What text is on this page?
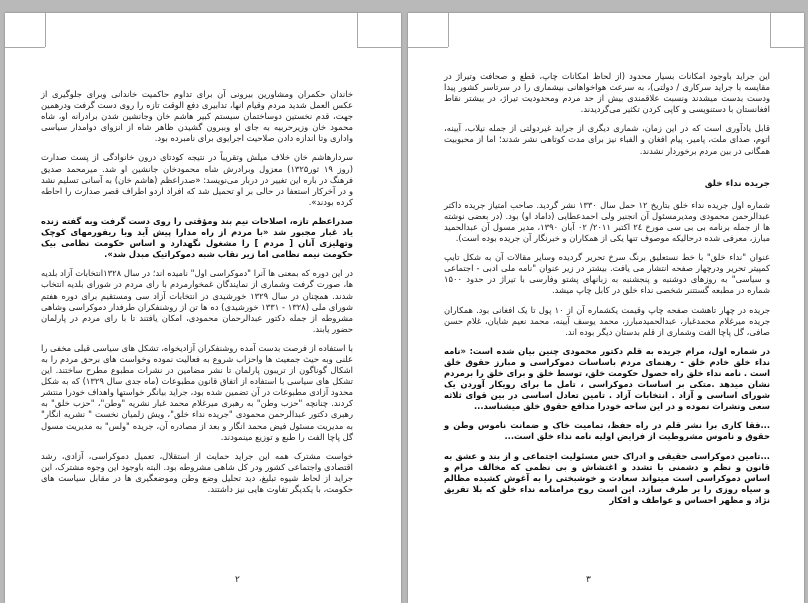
خاندان حکمران ومشاورین بیرونی آن برای تداوم حاکمیت خاندانی وبرای جلوگیری از عکس العمل شدید مردم وقیام انها، تدابیری دفع الوقت تازه را روی دست گرفت ودرهمین جهت، قدم نخستین دوساختمان سیستم کبیر هاشم خان وجانشین شدن برادرانه او، شاه محمود خان وزیرحربیه به جای او وببرون گشیدن ظاهر شاه از انزوای دوامدار سیاسی واداری وتا اندازه دادن صلاحیت اجرایوی برای نامبرده بود.

سردارهاشم خان خلاف میلش وتقریباً در نتیجه کودتای درون خانوادگی از پست صدارت (روز ۱۹ ثور۱۳۲۵) معزول وبرادرش شاه محمودخان جانشین او شد. میرمحمد صدیق فرهنگ در باره این تغییر در دربار می‌نویسد: «صدراعظم (هاشم خان) به آسانی تسلیم نشد و در آخرکار استعفا در حالی بر او تحمیل شد که افراد اردو اطراف قصر صدارت را احاطه کرده بودند».

صدراعظم تازه، اصلاحات نیم بند ومؤقتی را روی دست گرفت وبه گفته زنده یاد غبار مجبور شد «با مردم از راه مدارا پیش آید وبا ریفورمهای کوچک وتهلیزی آنان [ مردم ] را مشغول نگهدارد و اساس حکومت نظامی بیک حکومت نیمه نظامی اما زیر نقاب شبه دموکراتیک مبدل شد».

در این دوره که بمعنی ها آنرا "دموکراسی اول" نامیده اند؛ در سال ۱۳۲۸انتخابات آزاد بلدیه ها، صورت گرفت وشماری از نمایندگان غمخوارمردم با رای مردم در شورای بلدیه انتخاب شدند. همچنان در سال ۱۳۲۹ خورشیدی در انتخابات آزاد سی ومستقیم برای دوره هفتم شورای ملی (۱۳۲۸ - ۱۳۳۱ خورشیدی) ده ها تن از روشنفکران طرفدار دموکراسی وشاهی مشروطه از جمله دکتور عبدالرحمان محمودی، امکان یافتند تا با رای مردم در پارلمان حضور یابند.

با استفاده از فرصت بدست آمده روشنفکران آزادیخواه، تشکل های سیاسی قبلی مخفی را علنی وبه حیث جمعیت ها واحزاب شروع به فعالیت نموده وخواست های برحق مردم را به اشکال گوناگون از تریبون پارلمان تا نشر مضامین در نشرات مطبوع مطرح ساختند. این تشکل های سیاسی با استفاده از اتفاق قانون مطبوعات (ماه جدی سال ۱۳۲۹) که به شکل محدود آزادی مطبوعات در آن تضمین شده بود، جراید بیانگر خواستها واهداف خودرا منتشر کردند. چنانچه "حزب وطن" به رهبری میرغلام محمد غبار نشریه "وطن"، "حزب خلق" به رهبری دکتور عبدالرحمن محمودی "جریده نداء خلق"، ویش زلمیان نخست " نشریه انگار" به مدیریت مسئول فیض محمد انگار و بعد از مصادره آن، جریده "ولس" به مدیریت مسول گل پاچا الفت را طبع و توزیع مینمودند.

خواست مشترک همه این جراید حمایت از استقلال، تعمیل دموکراسی، آزادی، رشد اقتصادی واجتماعی کشور ودر کل شاهی مشروطه بود. البته باوجود این وجوه مشترک، این جراید از لحاظ شیوه تبلیغ، دید تحلیل وضع وطن وموضعگیری ها در مقابل سیاست های حکومت، با یکدیگر تفاوت هایی نیز داشتند.

۲

این جراید باوجود امکانات بسیار محدود (از لحاظ امکانات چاپ، قطع و صحافت وتیراژ در مقایسه با جراید سرکاری / دولتی)، به سرعت هواخواهانی بیشماری را در سرتاسر کشور پیدا ودست بدست میشدند ونسبت علاقمندی بیش از حد مردم ومحدودیت تیراژ، در بیشتر نقاط افغانستان با دستنویسی و کاپی کردن تکثیر می‌گردیدند.

قابل یادآوری است که در این زمان، شماری دیگری از جراید غیردولتی از جمله نیلاب، آیینه، اتوم، صدای ملت، پامیر، پیام افغان و الفباء نیز برای مدت کوتاهی نشر شدند؛ اما از محبوبیت همگانی در بین مردم برخوردار نشدند.

جریده نداء خلق

شماره اول جریده نداء خلق بتاریخ ۱۲ حمل سال ۱۳۳۰ نشر گردید. صاحب امتیاز جریده داکتر عبدالرحمن محمودی ومدیرمسئول آن انجنیر ولی احمدعطایی (داماد او) بود. (در بعضی نوشته ها از جمله برنامه بی بی سی مورخ ۲٤ اکتبر ۲۰۱۱/ ۰۲ آبان ۱۳۹۰، مدیر مسول آن عبدالحمید مبارز، معرفی شده درحالیکه موصوف تنها یکی از همکاران و خبرنگار آن جریده بوده است).

عنوان "نداء خلق" با خط نستعلیق برنگ سرخ تحریر گردیده وسایر مقالات آن به شکل تایپ کمپیتر تحریر ودرچهار صفحه انتشار می یافت. بیشتر در زیر عنوان "نامه ملی ادبی - اجتماعی و سیاسی" به روزهای دوشنبه و پنجشنبه به زبانهای پشتو وفارسی با تیراژ در حدود ۱۵۰۰ شماره در مطبعه گستتنر شخصی نداء خلق در کابل چاپ میشد.

جریده در چهار تاهشت صفحه چاپ وقیمت یکشماره آن از ۱۰ پول تا یک افغانی بود. همکاران جریده میرغلام محمدغبار، عبدالحمیدمبارز، محمد یوسف آیینه، محمد نعیم شایان، غلام حسن صافی، گل پاچا الفت وشماری از قلم بدستان دیگر بوده اند.

در شماره اول، مرام جریده به قلم دکتور محمودی چنین بیان شده است: «نامه نداء خلق خادم خلق - رهنمای مردم باساسات دموکراسی و مبارز حقوق خلق است . نامه نداء خلق راه حصول حکومت خلق، توسط خلق و برای خلق را برمردم نشان میدهد .متکی بر اساسات دموکراسی ، تامل ما برای رویکار آوردن یک شورای اساسی و آزاد . انتخابات آزاد . تامین تعادل اساسی در بین قوای ثلاثه سعی ونشرات نموده و در این ساحه خودرا مدافع حقوق خلق میشناسد...

...فقا کاری برا نشر قلم در راه حفظ، تمامیت خاک و ضمانت ناموس وطن و حقوق و ناموس مشروطیت از فرایض اولیه نامه نداء خلق است...

...تامین دموکراسی حقیقی و ادراک حس مسئولیت اجتماعی و از بند و عشق به قانون و نظم و دشمنی با تشدد و اغتشاش و بی نظمی که مخالف مرام و اساس دموکراسی است میتواند سعادت و خوشبختی را به آغوش کشیده مظالم و سیاه روزی را بر طرف سازد. این است روح مرامنامه نداء خلق که بلا تفریق نژاد و مظهر احساس و عواطف و افکار

۳
